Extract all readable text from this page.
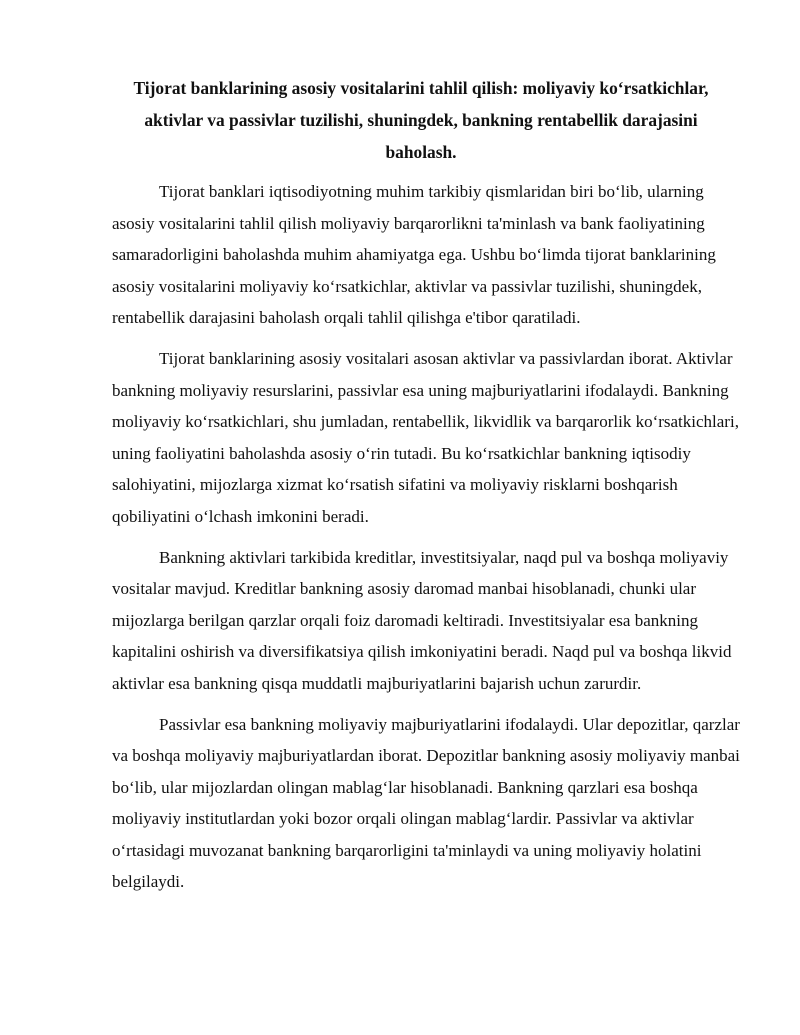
Tijorat banklarining asosiy vositalarini tahlil qilish: moliyaviy ko‘rsatkichlar, aktivlar va passivlar tuzilishi, shuningdek, bankning rentabellik darajasini baholash.

Tijorat banklari iqtisodiyotning muhim tarkibiy qismlaridan biri bo‘lib, ularning asosiy vositalarini tahlil qilish moliyaviy barqarorlikni ta'minlash va bank faoliyatining samaradorligini baholashda muhim ahamiyatga ega. Ushbu bo‘limda tijorat banklarining asosiy vositalarini moliyaviy ko‘rsatkichlar, aktivlar va passivlar tuzilishi, shuningdek, rentabellik darajasini baholash orqali tahlil qilishga e'tibor qaratiladi.

Tijorat banklarining asosiy vositalari asosan aktivlar va passivlardan iborat. Aktivlar bankning moliyaviy resurslarini, passivlar esa uning majburiyatlarini ifodalaydi. Bankning moliyaviy ko‘rsatkichlari, shu jumladan, rentabellik, likvidlik va barqarorlik ko‘rsatkichlari, uning faoliyatini baholashda asosiy o‘rin tutadi. Bu ko‘rsatkichlar bankning iqtisodiy salohiyatini, mijozlarga xizmat ko‘rsatish sifatini va moliyaviy risklarni boshqarish qobiliyatini o‘lchash imkonini beradi.

Bankning aktivlari tarkibida kreditlar, investitsiyalar, naqd pul va boshqa moliyaviy vositalar mavjud. Kreditlar bankning asosiy daromad manbai hisoblanadi, chunki ular mijozlarga berilgan qarzlar orqali foiz daromadi keltiradi. Investitsiyalar esa bankning kapitalini oshirish va diversifikatsiya qilish imkoniyatini beradi. Naqd pul va boshqa likvid aktivlar esa bankning qisqa muddatli majburiyatlarini bajarish uchun zarurdir.

Passivlar esa bankning moliyaviy majburiyatlarini ifodalaydi. Ular depozitlar, qarzlar va boshqa moliyaviy majburiyatlardan iborat. Depozitlar bankning asosiy moliyaviy manbai bo‘lib, ular mijozlardan olingan mablag‘lar hisoblanadi. Bankning qarzlari esa boshqa moliyaviy institutlardan yoki bozor orqali olingan mablag‘lardir. Passivlar va aktivlar o‘rtasidagi muvozanat bankning barqarorligini ta'minlaydi va uning moliyaviy holatini belgilaydi.
